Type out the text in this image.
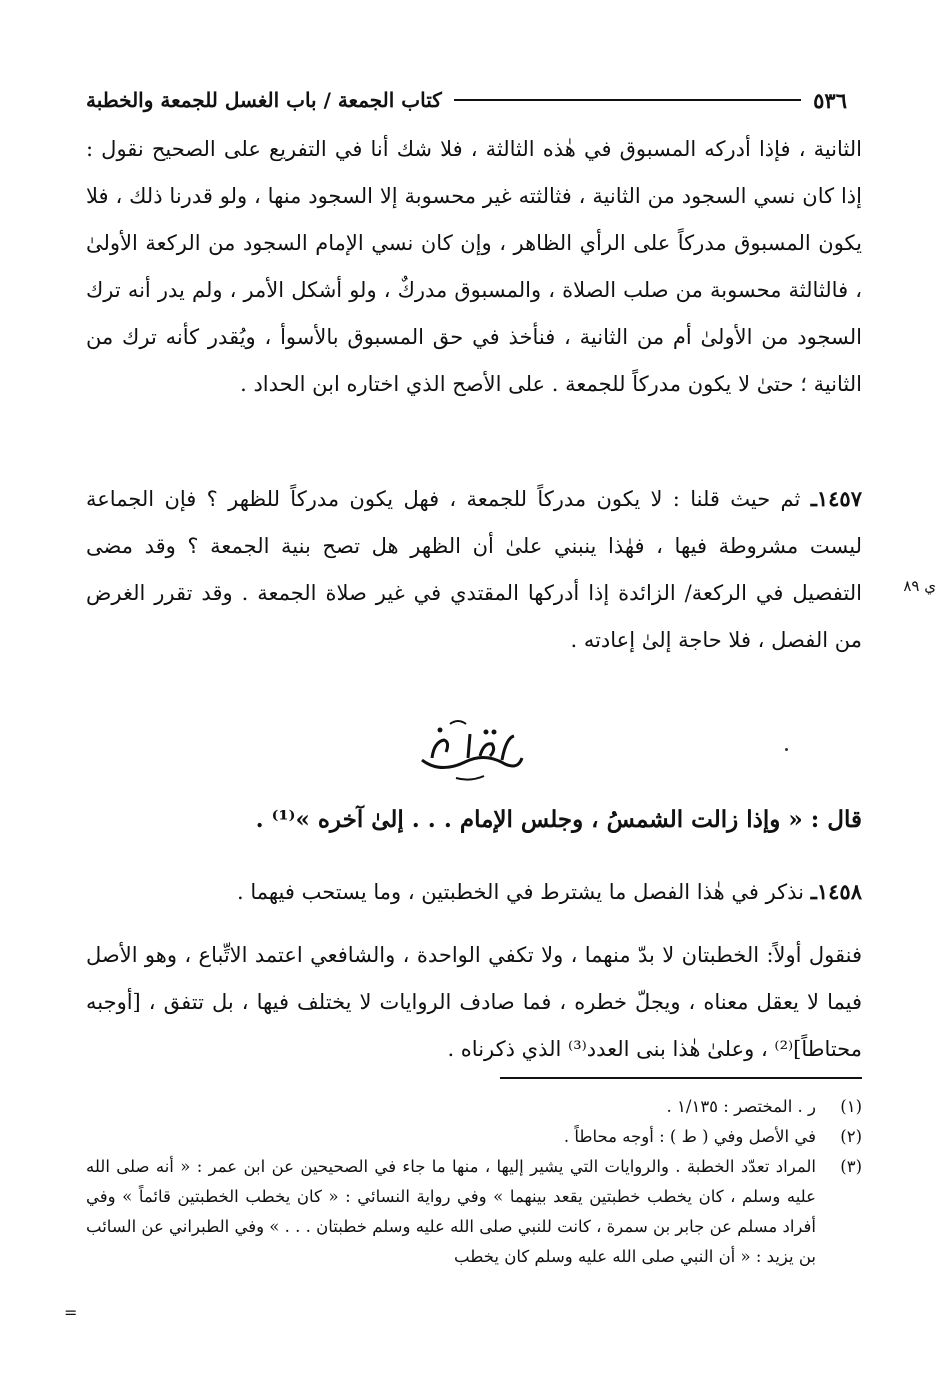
٥٣٦
كتاب الجمعة / باب الغسل للجمعة والخطبة
الثانية ، فإذا أدركه المسبوق في هٰذه الثالثة ، فلا شك أنا في التفريع على الصحيح نقول : إذا كان نسي السجود من الثانية ، فثالثته غير محسوبة إلا السجود منها ، ولو قدرنا ذلك ، فلا يكون المسبوق مدركاً على الرأي الظاهر ، وإن كان نسي الإمام السجود من الركعة الأولىٰ ، فالثالثة محسوبة من صلب الصلاة ، والمسبوق مدركٌ ، ولو أشكل الأمر ، ولم يدر أنه ترك السجود من الأولىٰ أم من الثانية ، فنأخذ في حق المسبوق بالأسوأ ، ويُقدر كأنه ترك من الثانية ؛ حتىٰ لا يكون مدركاً للجمعة . على الأصح الذي اختاره ابن الحداد .
١٤٥٧ـ ثم حيث قلنا : لا يكون مدركاً للجمعة ، فهل يكون مدركاً للظهر ؟ فإن الجماعة ليست مشروطة فيها ، فهٰذا ينبني علىٰ أن الظهر هل تصح بنية الجمعة ؟ وقد مضى التفصيل في الركعة/ الزائدة إذا أدركها المقتدي في غير صلاة الجمعة . وقد تقرر الغرض من الفصل ، فلا حاجة إلىٰ إعادته .
ي ٨٩
فَصْلٌ
قال : « وإذا زالت الشمسُ ، وجلس الإمام . . . إلىٰ آخره »⁽¹⁾ .
١٤٥٨ـ نذكر في هٰذا الفصل ما يشترط في الخطبتين ، وما يستحب فيهما .
فنقول أولاً: الخطبتان لا بدّ منهما ، ولا تكفي الواحدة ، والشافعي اعتمد الاتِّباع ، وهو الأصل فيما لا يعقل معناه ، ويجلّ خطره ، فما صادف الروايات لا يختلف فيها ، بل تتفق ، [أوجبه محتاطاً]⁽²⁾ ، وعلىٰ هٰذا بنى العدد⁽³⁾ الذي ذكرناه .
(١)
ر . المختصر : ١/١٣٥ .
(٢)
في الأصل وفي ( ط ) : أوجه محاطاً .
(٣)
المراد تعدّد الخطبة . والروايات التي يشير إليها ، منها ما جاء في الصحيحين عن ابن عمر : « أنه صلى الله عليه وسلم ، كان يخطب خطبتين يقعد بينهما » وفي رواية النسائي : « كان يخطب الخطبتين قائماً » وفي أفراد مسلم عن جابر بن سمرة ، كانت للنبي صلى الله عليه وسلم خطبتان . . . » وفي الطبراني عن السائب بن يزيد : « أن النبي صلى الله عليه وسلم كان يخطب
=
